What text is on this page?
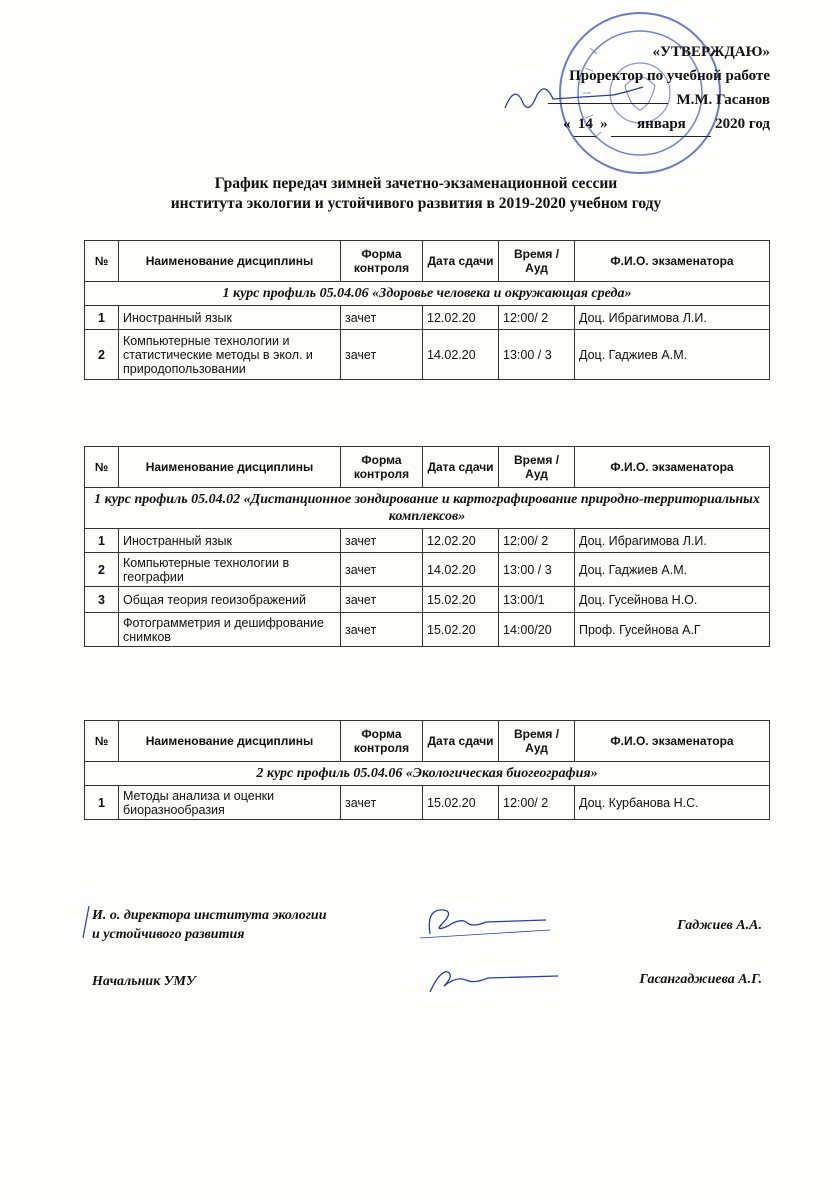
«УТВЕРЖДАЮ»
Проректор по учебной работе
М.М. Гасанов
« 14 » января 2020 год
График передач зимней зачетно-экзаменационной сессии
института экологии и устойчивого развития в 2019-2020 учебном году
№	Наименование дисциплины	Форма контроля	Дата сдачи	Время / Ауд	Ф.И.О. экзаменатора
1 курс профиль 05.04.06 «Здоровье человека и окружающая среда»					
1	Иностранный язык	зачет	12.02.20	12:00/ 2	Доц. Ибрагимова Л.И.
2	Компьютерные технологии и статистические методы в экол. и природопользовании	зачет	14.02.20	13:00 / 3	Доц. Гаджиев А.М.
№	Наименование дисциплины	Форма контроля	Дата сдачи	Время / Ауд	Ф.И.О. экзаменатора
1 курс профиль 05.04.02 «Дистанционное зондирование и картографирование природно-территориальных комплексов»					
1	Иностранный язык	зачет	12.02.20	12:00/ 2	Доц. Ибрагимова Л.И.
2	Компьютерные технологии в географии	зачет	14.02.20	13:00 / 3	Доц. Гаджиев А.М.
3	Общая теория геоизображений	зачет	15.02.20	13:00/1	Доц. Гусейнова Н.О.
	Фотограмметрия и дешифрование снимков	зачет	15.02.20	14:00/20	Проф. Гусейнова А.Г
№	Наименование дисциплины	Форма контроля	Дата сдачи	Время / Ауд	Ф.И.О. экзаменатора
2 курс профиль 05.04.06 «Экологическая биогеография»					
1	Методы анализа и оценки биоразнообразия	зачет	15.02.20	12:00/ 2	Доц. Курбанова Н.С.
И. о. директора института экологии
и устойчивого развития
Гаджиев А.А.
Начальник УМУ	Гасангаджиева А.Г.
